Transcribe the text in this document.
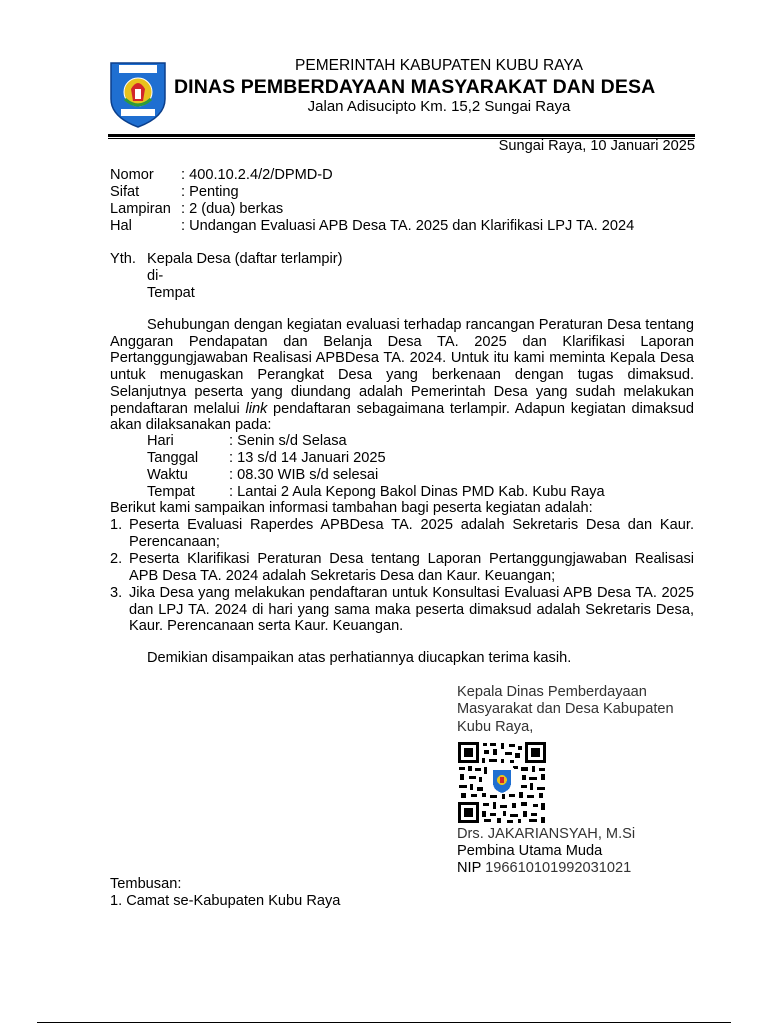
PEMERINTAH KABUPATEN KUBU RAYA
DINAS PEMBERDAYAAN MASYARAKAT DAN DESA
Jalan Adisucipto Km. 15,2 Sungai Raya
Sungai Raya, 10 Januari 2025
Nomor : 400.10.2.4/2/DPMD-D
Sifat	: Penting
Lampiran : 2 (dua) berkas
Hal	: Undangan Evaluasi APB Desa TA. 2025 dan Klarifikasi LPJ TA. 2024
Yth. Kepala Desa (daftar terlampir)
di-
Tempat
Sehubungan dengan kegiatan evaluasi terhadap rancangan Peraturan Desa tentang Anggaran Pendapatan dan Belanja Desa TA. 2025 dan Klarifikasi Laporan Pertanggungjawaban Realisasi APBDesa TA. 2024. Untuk itu kami meminta Kepala Desa untuk menugaskan Perangkat Desa yang berkenaan dengan tugas dimaksud. Selanjutnya peserta yang diundang adalah Pemerintah Desa yang sudah melakukan pendaftaran melalui link pendaftaran sebagaimana terlampir. Adapun kegiatan dimaksud akan dilaksanakan pada:
Hari	: Senin s/d Selasa
Tanggal : 13 s/d 14 Januari 2025
Waktu	: 08.30 WIB s/d selesai
Tempat : Lantai 2 Aula Kepong Bakol Dinas PMD Kab. Kubu Raya
Berikut kami sampaikan informasi tambahan bagi peserta kegiatan adalah:
1. Peserta Evaluasi Raperdes APBDesa TA. 2025 adalah Sekretaris Desa dan Kaur. Perencanaan;
2. Peserta Klarifikasi Peraturan Desa tentang Laporan Pertanggungjawaban Realisasi APB Desa TA. 2024 adalah Sekretaris Desa dan Kaur. Keuangan;
3. Jika Desa yang melakukan pendaftaran untuk Konsultasi Evaluasi APB Desa TA. 2025 dan LPJ TA. 2024 di hari yang sama maka peserta dimaksud adalah Sekretaris Desa, Kaur. Perencanaan serta Kaur. Keuangan.
Demikian disampaikan atas perhatiannya diucapkan terima kasih.
Kepala Dinas Pemberdayaan
Masyarakat dan Desa Kabupaten
Kubu Raya,
Drs. JAKARIANSYAH, M.Si
Pembina Utama Muda
NIP 196610101992031021
Tembusan:
1. Camat se-Kabupaten Kubu Raya
